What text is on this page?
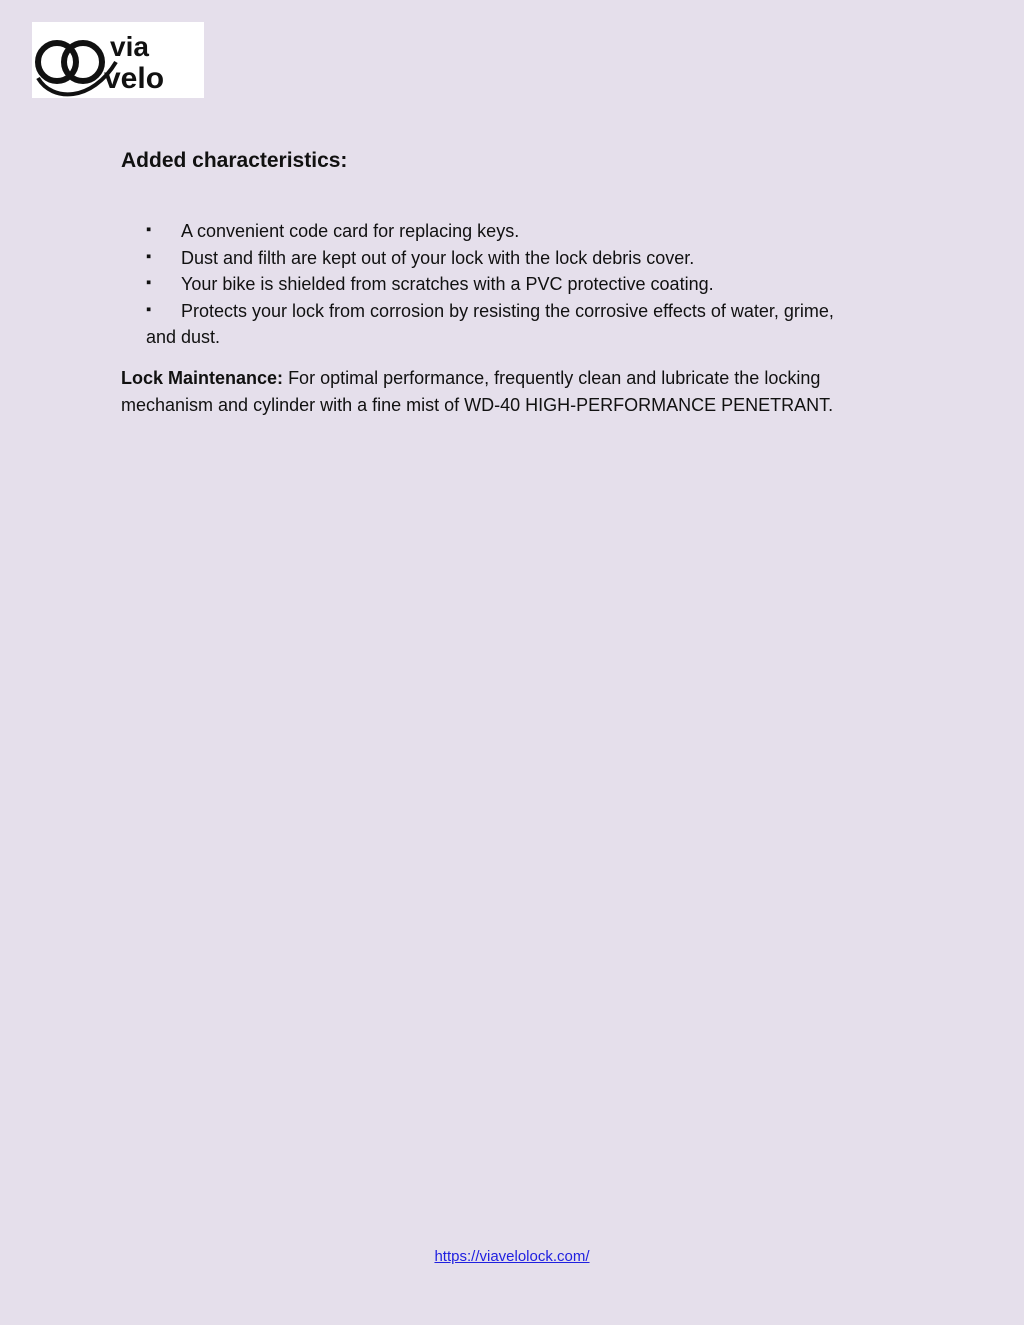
via
velo
Added characteristics:
▪ A convenient code card for replacing keys.
▪ Dust and filth are kept out of your lock with the lock debris cover.
▪ Your bike is shielded from scratches with a PVC protective coating.
▪ Protects your lock from corrosion by resisting the corrosive effects of water, grime, and dust.

Lock Maintenance: For optimal performance, frequently clean and lubricate the locking mechanism and cylinder with a fine mist of WD-40 HIGH-PERFORMANCE PENETRANT.

https://viavelolock.com/
